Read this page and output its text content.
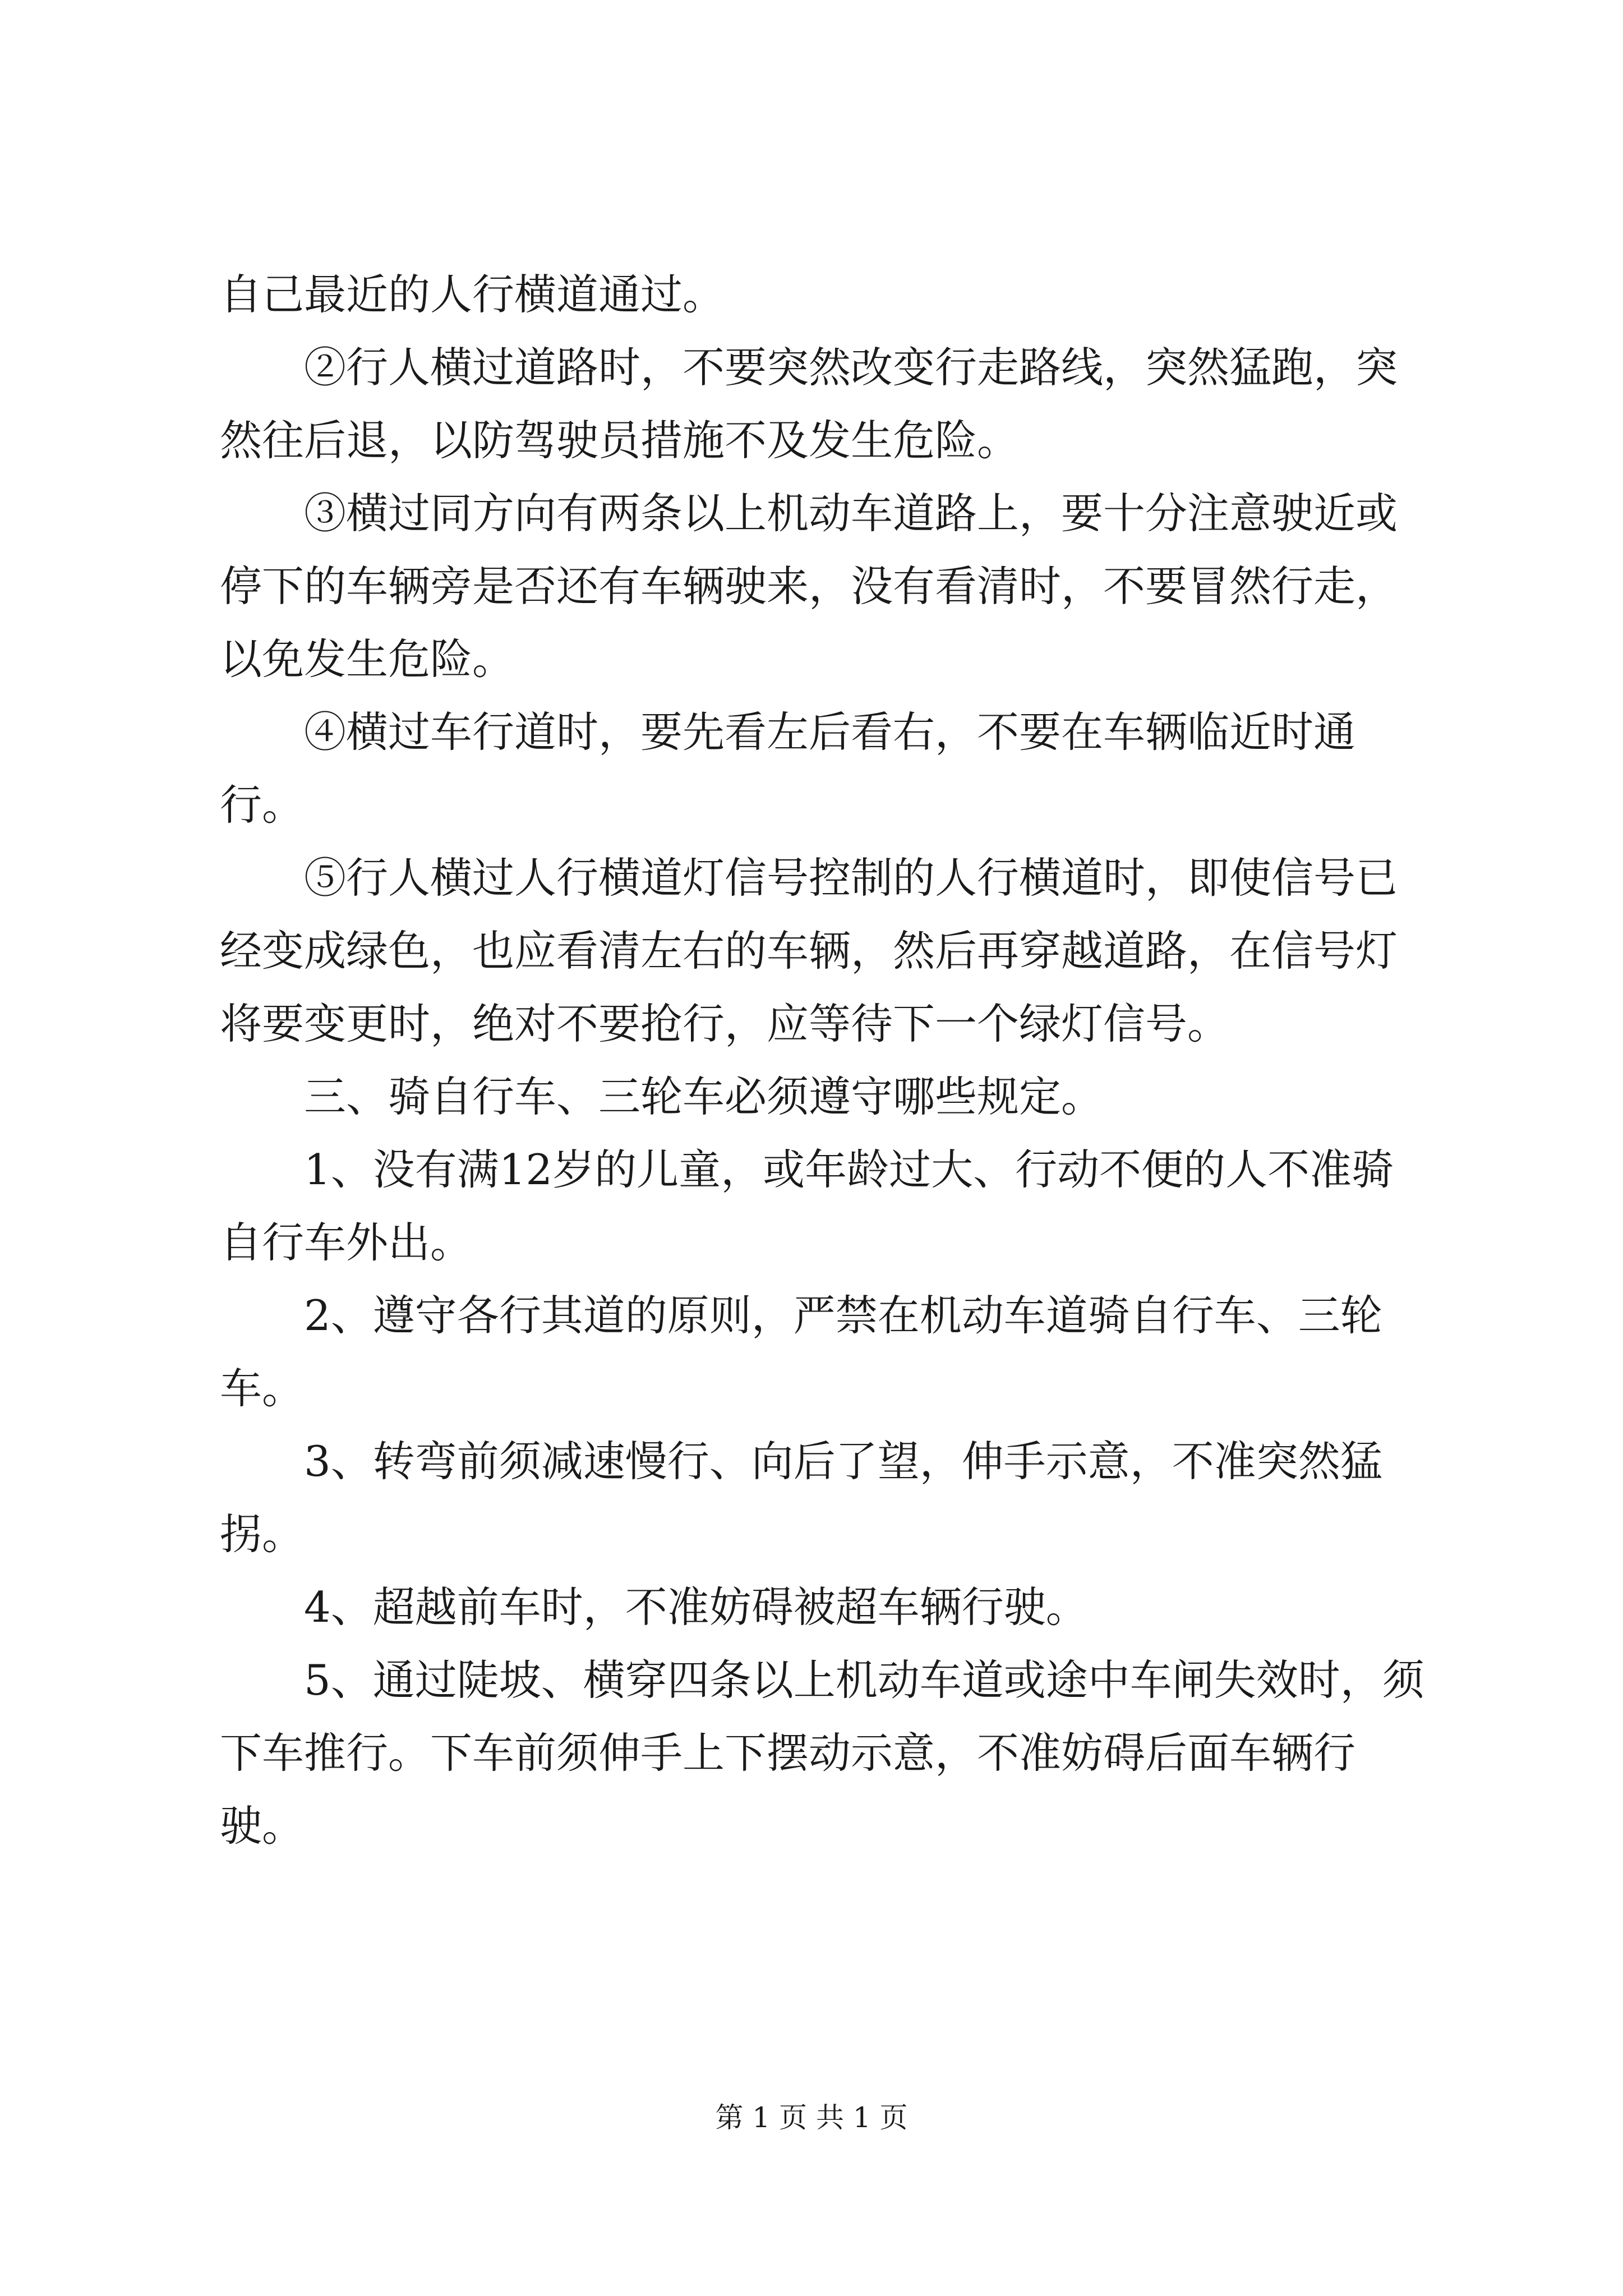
自己最近的人行横道通过。

②行人横过道路时，不要突然改变行走路线，突然猛跑，突然往后退，以防驾驶员措施不及发生危险。

③横过同方向有两条以上机动车道路上，要十分注意驶近或停下的车辆旁是否还有车辆驶来，没有看清时，不要冒然行走，以免发生危险。

④横过车行道时，要先看左后看右，不要在车辆临近时通行。

⑤行人横过人行横道灯信号控制的人行横道时，即使信号已经变成绿色，也应看清左右的车辆，然后再穿越道路，在信号灯将要变更时，绝对不要抢行，应等待下一个绿灯信号。

三、骑自行车、三轮车必须遵守哪些规定。

1、没有满12岁的儿童，或年龄过大、行动不便的人不准骑自行车外出。

2、遵守各行其道的原则，严禁在机动车道骑自行车、三轮车。

3、转弯前须减速慢行、向后了望，伸手示意，不准突然猛拐。

4、超越前车时，不准妨碍被超车辆行驶。

5、通过陡坡、横穿四条以上机动车道或途中车闸失效时，须下车推行。下车前须伸手上下摆动示意，不准妨碍后面车辆行驶。

第 1 页 共 1 页
